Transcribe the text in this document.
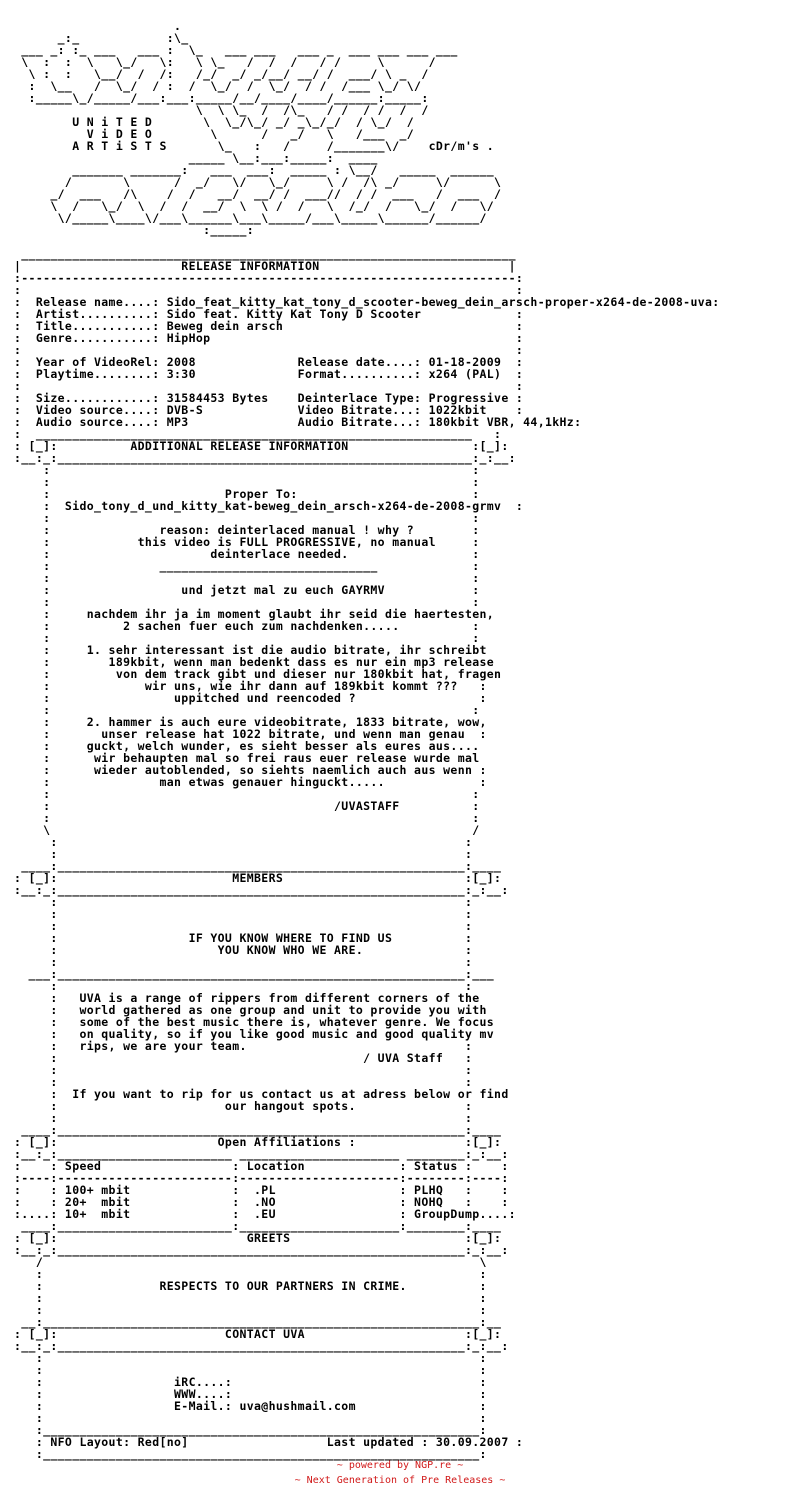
.
_:_            :\_
___ _: :_ ___   ___ :  \_   ___ ___   ___ _  ___ ___ ___ ___
\  :  :  \   \_/   \:   \ \_   /  /  /   / /     \      /
\ :  :   \__/  /  /:   /_/  _/ _/__/ __/ /  ___/ \ _  /
:  \__   /  \_/  / :  /  \_/  /  \_/  / /  /___ \_/ \/
:_____\_/_____/___:___:_____/__/____/____/______:_____:
\  \ \_  /  /\_   / /  / /  /  /
U N i T E D       \  \_/\_/ _/ _\_/_/  / \_/  /
V i D E O        \      /   _/   \   /___  _/
A R T i S T S       \_   :   /     /_______\/    cDr/m's .
_____ \__:___:_____:  ____
_______ _______:   ___  ___:  _____ : \__/   _____  ______
/       \      /  _/   \/   \_/     \ /  /\ _/     \/      \
_/  ___   /\    /  /   __/  __/ /  ___//  / /  ___   /  ___  /
\  /   \_/  \  /  /  __/  \  \ /  /   \  /_/  /   \_/  /   \/
\/_____\____\/___\______\___\_____/___\_____\______/______/
:_____:
____________________________________________________________________
|                      RELEASE INFORMATION                          |
:--------------------------------------------------------------------:
:                                                                    :
:  Release name....: Sido_feat_kitty_kat_tony_d_scooter-beweg_dein_arsch-proper-x264-de-2008-uva:
:  Artist..........: Sido feat. Kitty Kat Tony D Scooter             :
:  Title...........: Beweg dein arsch                                :
:  Genre...........: HipHop                                          :
:                                                                    :
:  Year of VideoRel: 2008              Release date....: 01-18-2009  :
:  Playtime........: 3:30              Format..........: x264 (PAL)  :
:                                                                    :
:  Size............: 31584453 Bytes    Deinterlace Type: Progressive :
:  Video source....: DVB-S             Video Bitrate...: 1022kbit    :
:  Audio source....: MP3               Audio Bitrate...: 180kbit VBR, 44,1kHz:
:  ____________________________________________________________   :
: [_]:          ADDITIONAL RELEASE INFORMATION                 :[_]:
:__:_:_________________________________________________________:_:__:
:                                                          :
:                                                          :
:                        Proper To:                        :
:  Sido_tony_d_und_kitty_kat-beweg_dein_arsch-x264-de-2008-grmv  :
:                                                          :
:               reason: deinterlaced manual ! why ?        :
:            this video is FULL PROGRESSIVE, no manual     :
:                      deinterlace needed.                 :
:               ______________________________             :
:                                                          :
:                  und jetzt mal zu euch GAYRMV            :
:                                                          :
:     nachdem ihr ja im moment glaubt ihr seid die haertesten,
:          2 sachen fuer euch zum nachdenken.....          :
:                                                          :
:     1. sehr interessant ist die audio bitrate, ihr schreibt
:        189kbit, wenn man bedenkt dass es nur ein mp3 release
:         von dem track gibt und dieser nur 180kbit hat, fragen
:             wir uns, wie ihr dann auf 189kbit kommt ???   :
:                 uppitched und reencoded ?                 :
:                                                          :
:     2. hammer is auch eure videobitrate, 1833 bitrate, wow,
:       unser release hat 1022 bitrate, und wenn man genau  :
:     guckt, welch wunder, es sieht besser als eures aus....
:      wir behaupten mal so frei raus euer release wurde mal
:      wieder autoblended, so siehts naemlich auch aus wenn :
:               man etwas genauer hinguckt.....             :
:                                                          :
:                                       /UVASTAFF          :
:                                                          :
\                                                          /
:                                                        :
:                                                        :
____:________________________________________________________:____
: [_]:                        MEMBERS                         :[_]:
:__:_:________________________________________________________:_:__:
:                                                        :
:                                                        :
:                                                        :
:                  IF YOU KNOW WHERE TO FIND US          :
:                      YOU KNOW WHO WE ARE.              :
:                                                        :
___:________________________________________________________:___
:                                                        :
:   UVA is a range of rippers from different corners of the
:   world gathered as one group and unit to provide you with
:   some of the best music there is, whatever genre. We focus
:   on quality, so if you like good music and good quality mv
:   rips, we are your team.                              :
:                                          / UVA Staff   :
:                                                        :
:                                                        :
:  If you want to rip for us contact us at adress below or find
:                       our hangout spots.               :
:                                                        :
____:________________________________________________________:____
: [_]:                      Open Affiliations :               :[_]:
:__:_:________________________ ______________________ ________:_:__:
:    : Speed                  : Location             : Status :    :
:----:------------------------:----------------------:--------:----:
:    : 100+ mbit              :  .PL                 : PLHQ   :    :
:    : 20+  mbit              :  .NO                 : NOHQ   :    :
:....: 10+  mbit              :  .EU                 : GroupDump....:
____:________________________:______________________:________:____
: [_]:                          GREETS                        :[_]:
:__:_:________________________________________________________:_:__:
/                                                            \
:                                                            :
:                RESPECTS TO OUR PARTNERS IN CRIME.          :
:                                                            :
:                                                            :
__:____________________________________________________________:__
: [_]:                       CONTACT UVA                      :[_]:
:__:_:________________________________________________________:_:__:
:                                                            :
:                                                            :
:                  iRC....:                                  :
:                  WWW....:                                  :
:                  E-Mail.: uva@hushmail.com                 :
:                                                            :
:____________________________________________________________:
: NFO Layout: Red[no]                   Last updated : 30.09.2007 :
:____________________________________________________________:
~ powered by NGP.re ~
~ Next Generation of Pre Releases ~
